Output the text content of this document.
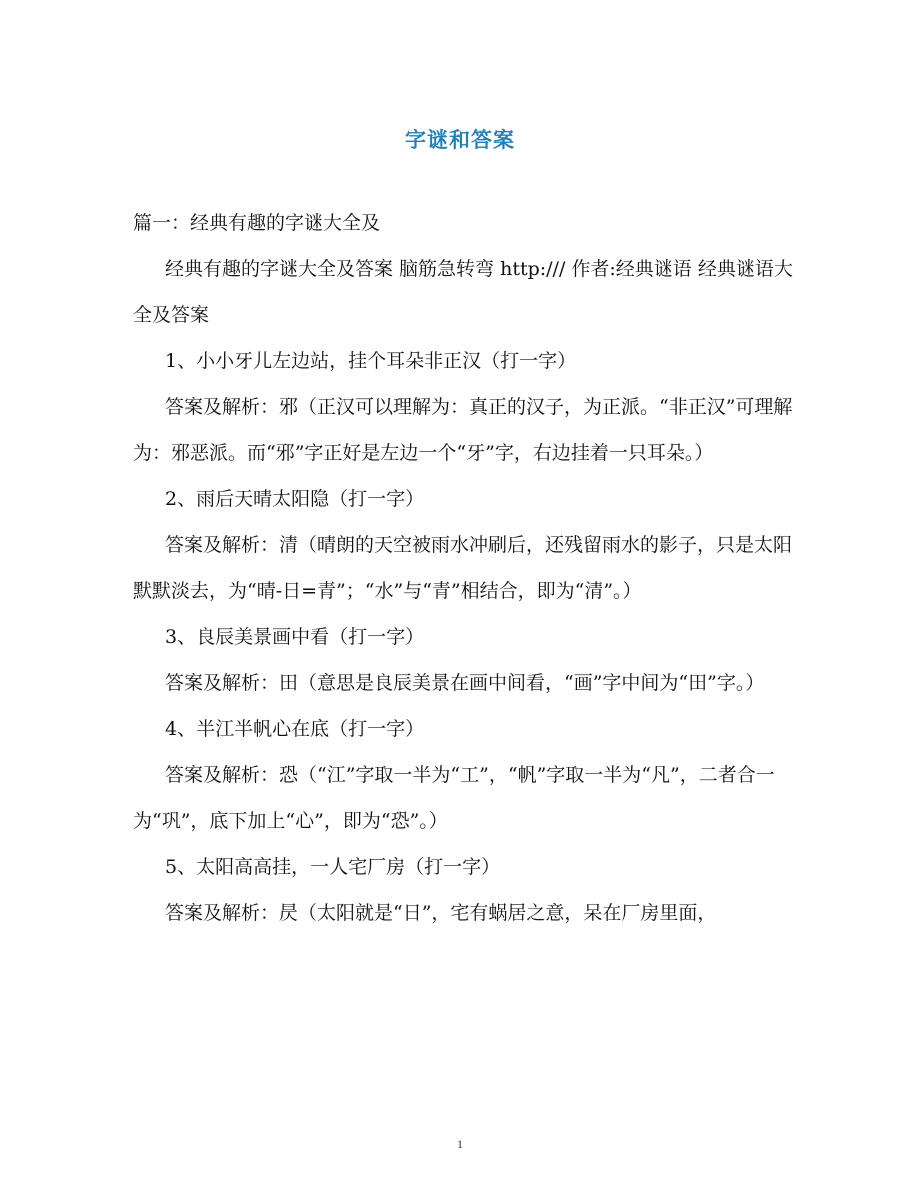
字谜和答案

篇一：经典有趣的字谜大全及

经典有趣的字谜大全及答案 脑筋急转弯 http:/// 作者:经典谜语 经典谜语大全及答案

1、小小牙儿左边站，挂个耳朵非正汉（打一字）

答案及解析：邪（正汉可以理解为：真正的汉子，为正派。“非正汉”可理解为：邪恶派。而“邪”字正好是左边一个“牙”字，右边挂着一只耳朵。）

2、雨后天晴太阳隐（打一字）

答案及解析：清（晴朗的天空被雨水冲刷后，还残留雨水的影子，只是太阳默默淡去，为“晴-日=青”；“水”与“青”相结合，即为“清”。）

3、良辰美景画中看（打一字）

答案及解析：田（意思是良辰美景在画中间看，“画”字中间为“田”字。）

4、半江半帆心在底（打一字）

答案及解析：恐（“江”字取一半为“工”，“帆”字取一半为“凡”，二者合一为“巩”，底下加上“心”，即为“恐”。）

5、太阳高高挂，一人宅厂房（打一字）

答案及解析：昃（太阳就是“日”，宅有蜗居之意，呆在厂房里面，

1
